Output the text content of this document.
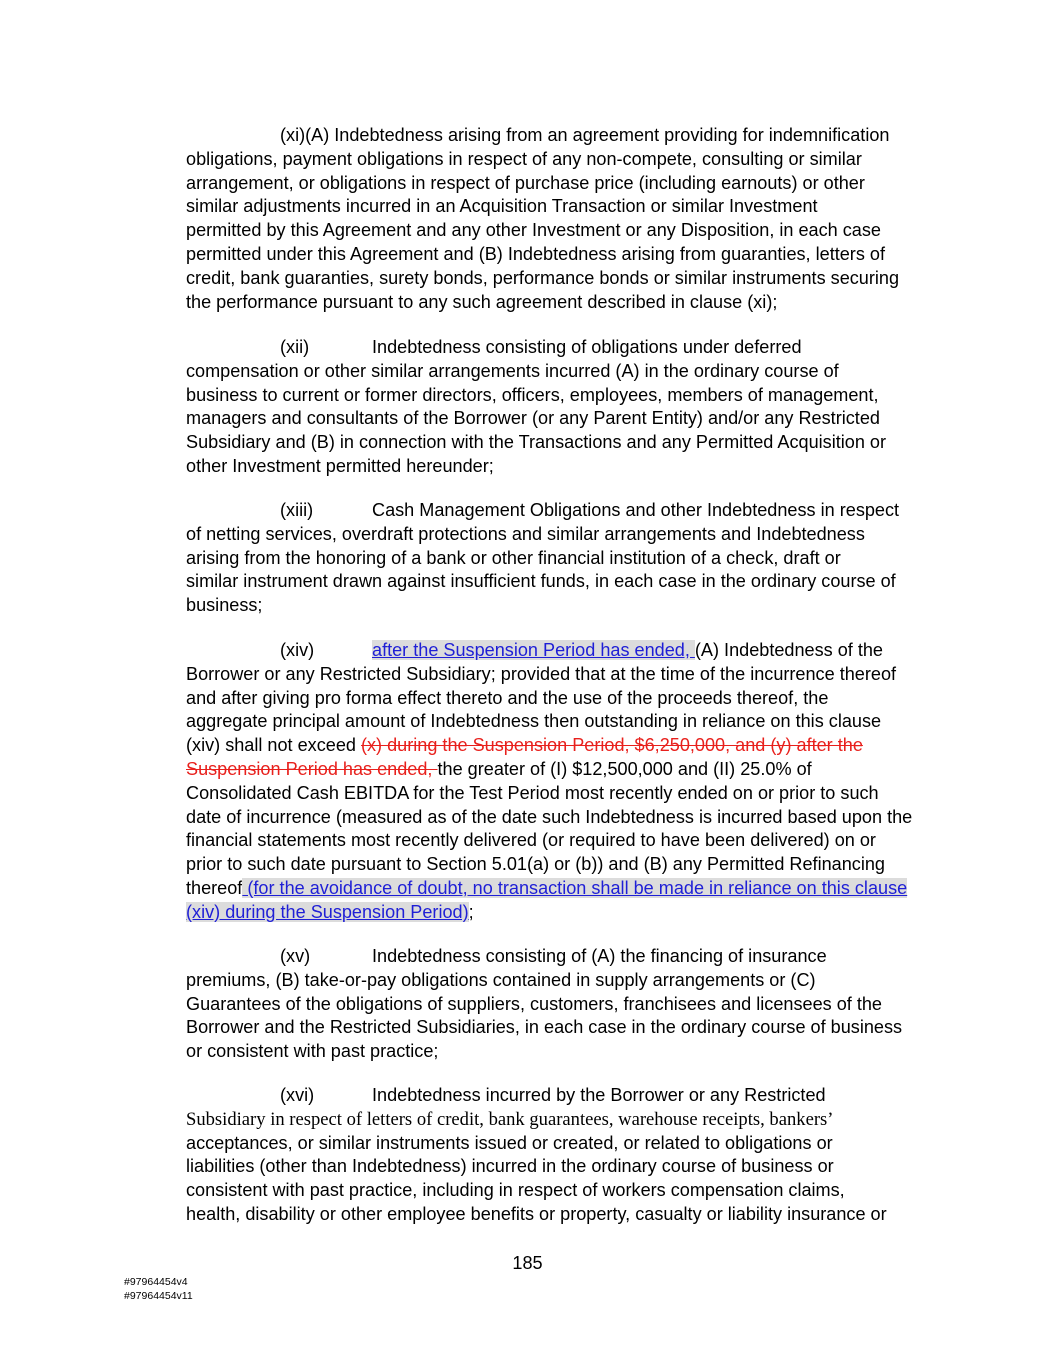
(xi)(A) Indebtedness arising from an agreement providing for indemnification
obligations, payment obligations in respect of any non-compete, consulting or similar
arrangement, or obligations in respect of purchase price (including earnouts) or other
similar adjustments incurred in an Acquisition Transaction or similar Investment
permitted by this Agreement and any other Investment or any Disposition, in each case
permitted under this Agreement and (B) Indebtedness arising from guaranties, letters of
credit, bank guaranties, surety bonds, performance bonds or similar instruments securing
the performance pursuant to any such agreement described in clause (xi);
(xii)	Indebtedness consisting of obligations under deferred
compensation or other similar arrangements incurred (A) in the ordinary course of
business to current or former directors, officers, employees, members of management,
managers and consultants of the Borrower (or any Parent Entity) and/or any Restricted
Subsidiary and (B) in connection with the Transactions and any Permitted Acquisition or
other Investment permitted hereunder;
(xiii)	Cash Management Obligations and other Indebtedness in respect
of netting services, overdraft protections and similar arrangements and Indebtedness
arising from the honoring of a bank or other financial institution of a check, draft or
similar instrument drawn against insufficient funds, in each case in the ordinary course of
business;
(xiv)	after the Suspension Period has ended, (A) Indebtedness of the
Borrower or any Restricted Subsidiary; provided that at the time of the incurrence thereof
and after giving pro forma effect thereto and the use of the proceeds thereof, the
aggregate principal amount of Indebtedness then outstanding in reliance on this clause
(xiv) shall not exceed (x) during the Suspension Period, $6,250,000, and (y) after the
Suspension Period has ended, the greater of (I) $12,500,000 and (II) 25.0% of
Consolidated Cash EBITDA for the Test Period most recently ended on or prior to such
date of incurrence (measured as of the date such Indebtedness is incurred based upon the
financial statements most recently delivered (or required to have been delivered) on or
prior to such date pursuant to Section 5.01(a) or (b)) and (B) any Permitted Refinancing
thereof (for the avoidance of doubt, no transaction shall be made in reliance on this clause
(xiv) during the Suspension Period);
(xv)	Indebtedness consisting of (A) the financing of insurance
premiums, (B) take-or-pay obligations contained in supply arrangements or (C)
Guarantees of the obligations of suppliers, customers, franchisees and licensees of the
Borrower and the Restricted Subsidiaries, in each case in the ordinary course of business
or consistent with past practice;
(xvi)	Indebtedness incurred by the Borrower or any Restricted
Subsidiary in respect of letters of credit, bank guarantees, warehouse receipts, bankers’
acceptances, or similar instruments issued or created, or related to obligations or
liabilities (other than Indebtedness) incurred in the ordinary course of business or
consistent with past practice, including in respect of workers compensation claims,
health, disability or other employee benefits or property, casualty or liability insurance or
185
#97964454v4
#97964454v11
